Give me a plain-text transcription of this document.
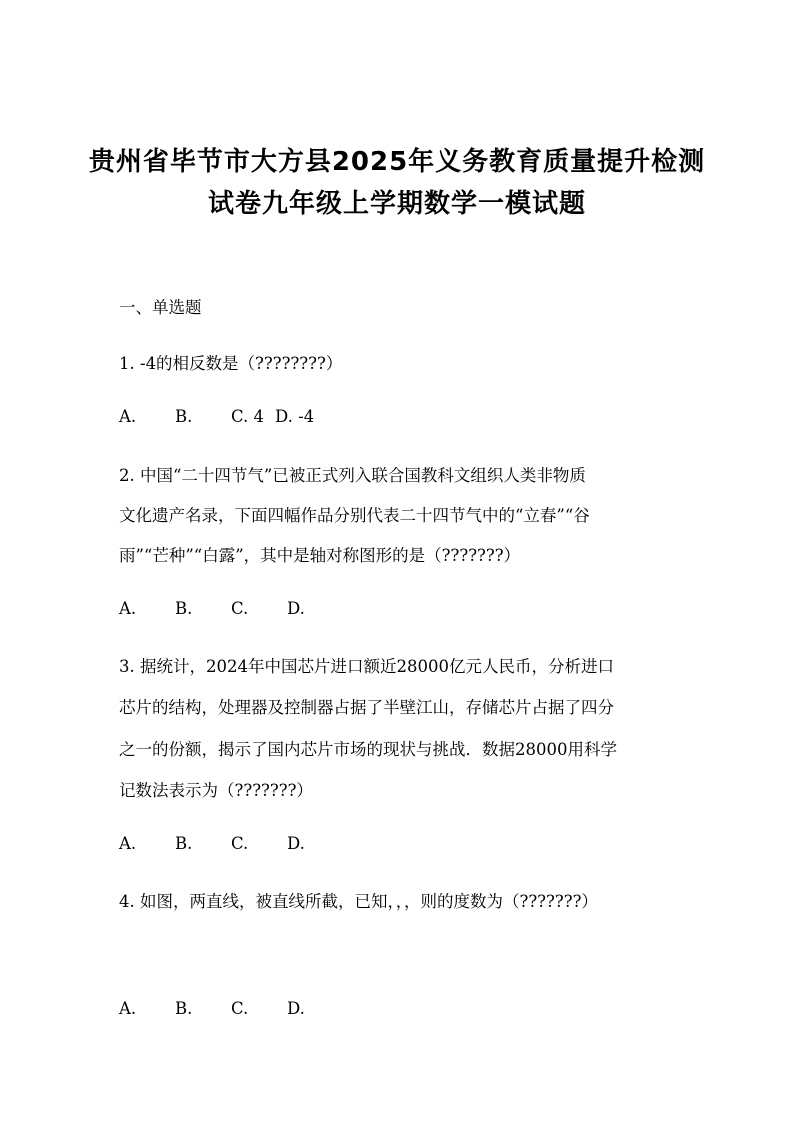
贵州省毕节市大方县2025年义务教育质量提升检测
试卷九年级上学期数学一模试题
一、单选题
1. -4的相反数是（????????）
A. B. C. 4 D. -4
2. 中国“二十四节气”已被正式列入联合国教科文组织人类非物质
文化遗产名录，下面四幅作品分别代表二十四节气中的“立春”“谷
雨”“芒种”“白露”，其中是轴对称图形的是（???????）
A. B. C. D.
3. 据统计，2024年中国芯片进口额近28000亿元人民币，分析进口
芯片的结构，处理器及控制器占据了半壁江山，存储芯片占据了四分
之一的份额，揭示了国内芯片市场的现状与挑战．数据28000用科学
记数法表示为（???????）
A. B. C. D.
4. 如图，两直线，被直线所截，已知，，，则的度数为（???????）
A. B. C. D.
